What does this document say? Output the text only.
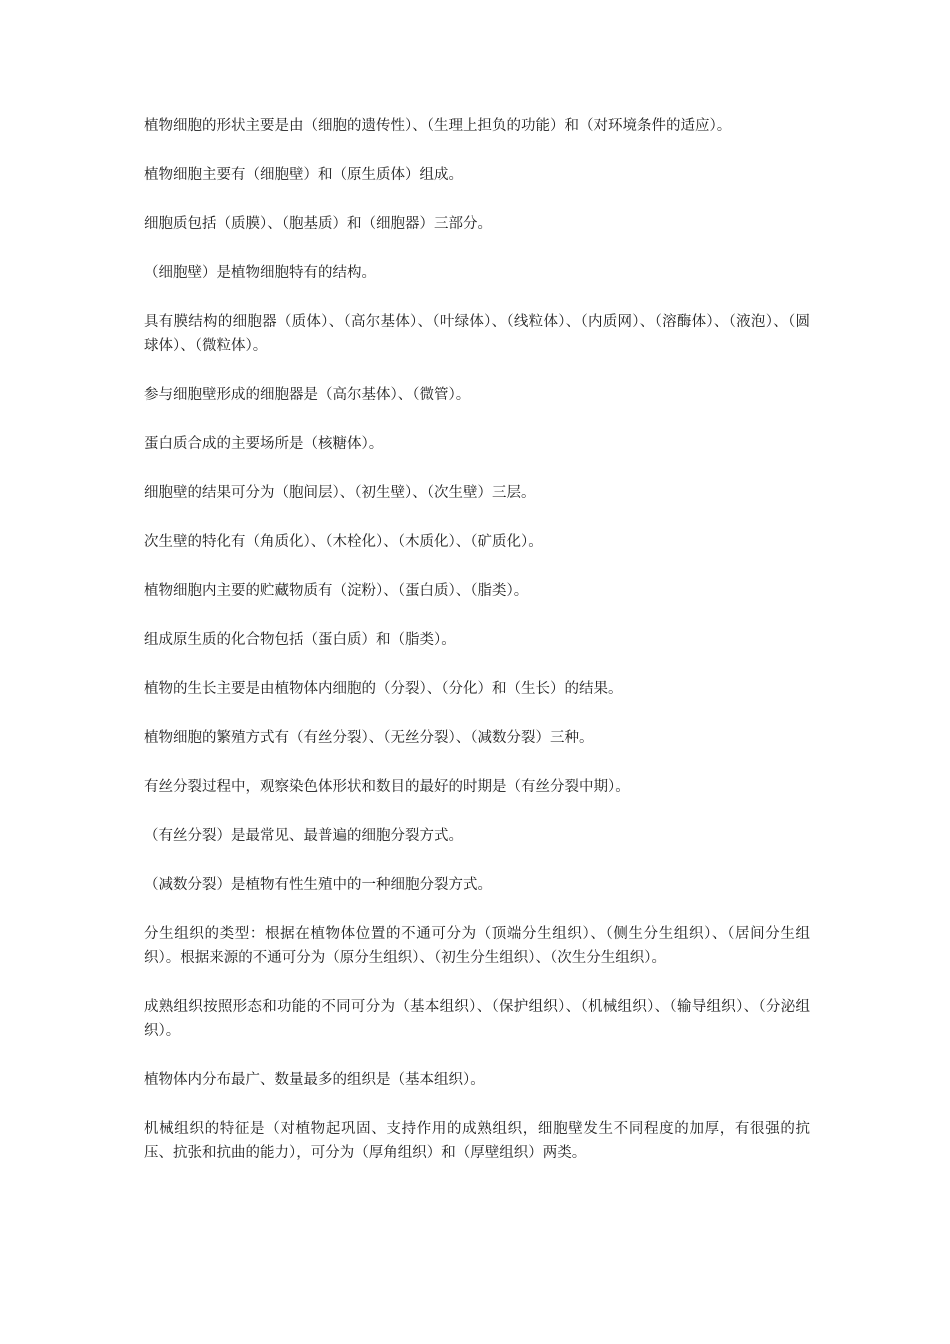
植物细胞的形状主要是由（细胞的遗传性）、（生理上担负的功能）和（对环境条件的适应）。

植物细胞主要有（细胞壁）和（原生质体）组成。

细胞质包括（质膜）、（胞基质）和（细胞器）三部分。

（细胞壁）是植物细胞特有的结构。

具有膜结构的细胞器（质体）、（高尔基体）、（叶绿体）、（线粒体）、（内质网）、（溶酶体）、（液泡）、（圆球体）、（微粒体）。

参与细胞壁形成的细胞器是（高尔基体）、（微管）。

蛋白质合成的主要场所是（核糖体）。

细胞壁的结果可分为（胞间层）、（初生壁）、（次生壁）三层。

次生壁的特化有（角质化）、（木栓化）、（木质化）、（矿质化）。

植物细胞内主要的贮藏物质有（淀粉）、（蛋白质）、（脂类）。

组成原生质的化合物包括（蛋白质）和（脂类）。

植物的生长主要是由植物体内细胞的（分裂）、（分化）和（生长）的结果。

植物细胞的繁殖方式有（有丝分裂）、（无丝分裂）、（减数分裂）三种。

有丝分裂过程中，观察染色体形状和数目的最好的时期是（有丝分裂中期）。

（有丝分裂）是最常见、最普遍的细胞分裂方式。

（减数分裂）是植物有性生殖中的一种细胞分裂方式。

分生组织的类型：根据在植物体位置的不通可分为（顶端分生组织）、（侧生分生组织）、（居间分生组织）。根据来源的不通可分为（原分生组织）、（初生分生组织）、（次生分生组织）。

成熟组织按照形态和功能的不同可分为（基本组织）、（保护组织）、（机械组织）、（输导组织）、（分泌组织）。

植物体内分布最广、数量最多的组织是（基本组织）。

机械组织的特征是（对植物起巩固、支持作用的成熟组织，细胞壁发生不同程度的加厚，有很强的抗压、抗张和抗曲的能力），可分为（厚角组织）和（厚壁组织）两类。
